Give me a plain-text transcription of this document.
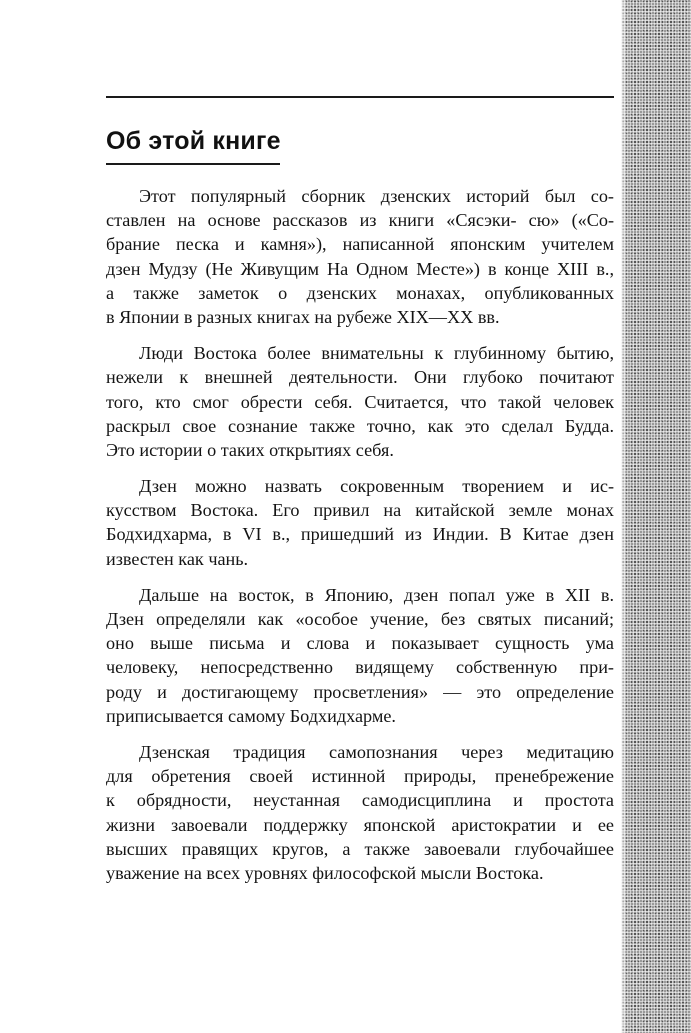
Об этой книге

Этот популярный сборник дзенских историй был со-
ставлен на основе рассказов из книги «Сясэки- сю» («Со-
брание песка и камня»), написанной японским учителем
дзен Мудзу (Не Живущим На Одном Месте») в конце XIII в.,
а также заметок о дзенских монахах, опубликованных
в Японии в разных книгах на рубеже XIX—XX вв.

Люди Востока более внимательны к глубинному бытию,
нежели к внешней деятельности. Они глубоко почитают
того, кто смог обрести себя. Считается, что такой человек
раскрыл свое сознание также точно, как это сделал Будда.
Это истории о таких открытиях себя.

Дзен можно назвать сокровенным творением и ис-
кусством Востока. Его привил на китайской земле монах
Бодхидхарма, в VI в., пришедший из Индии. В Китае дзен
известен как чань.

Дальше на восток, в Японию, дзен попал уже в XII в.
Дзен определяли как «особое учение, без святых писаний;
оно выше письма и слова и показывает сущность ума
человеку, непосредственно видящему собственную при-
роду и достигающему просветления» — это определение
приписывается самому Бодхидхарме.

Дзенская традиция самопознания через медитацию
для обретения своей истинной природы, пренебрежение
к обрядности, неустанная самодисциплина и простота
жизни завоевали поддержку японской аристократии и ее
высших правящих кругов, а также завоевали глубочайшее
уважение на всех уровнях философской мысли Востока.
